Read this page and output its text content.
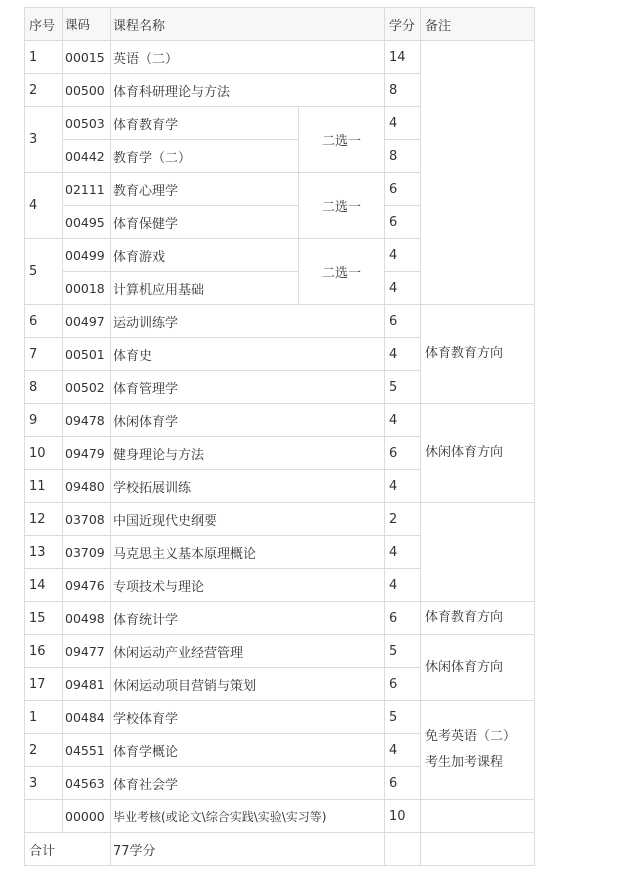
序号	课码	课程名称		学分	备注
1	00015	英语（二）		14	
2	00500	体育科研理论与方法		8	
3	00503	体育教育学	二选一	4	
	00442	教育学（二）		8	
4	02111	教育心理学	二选一	6	
	00495	体育保健学		6	
5	00499	体育游戏	二选一	4	
	00018	计算机应用基础		4	
6	00497	运动训练学		6	体育教育方向
7	00501	体育史		4	
8	00502	体育管理学		5	
9	09478	休闲体育学		4	休闲体育方向
10	09479	健身理论与方法		6	
11	09480	学校拓展训练		4	
12	03708	中国近现代史纲要		2	
13	03709	马克思主义基本原理概论		4	
14	09476	专项技术与理论		4	
15	00498	体育统计学		6	体育教育方向
16	09477	休闲运动产业经营管理		5	休闲体育方向
17	09481	休闲运动项目营销与策划		6	
1	00484	学校体育学		5	免考英语（二）
考生加考课程
2	04551	体育学概论		4	
3	04563	体育社会学		6	
	00000	毕业考核(或论文\综合实践\实验\实习等)		10	
合计		77学分			
